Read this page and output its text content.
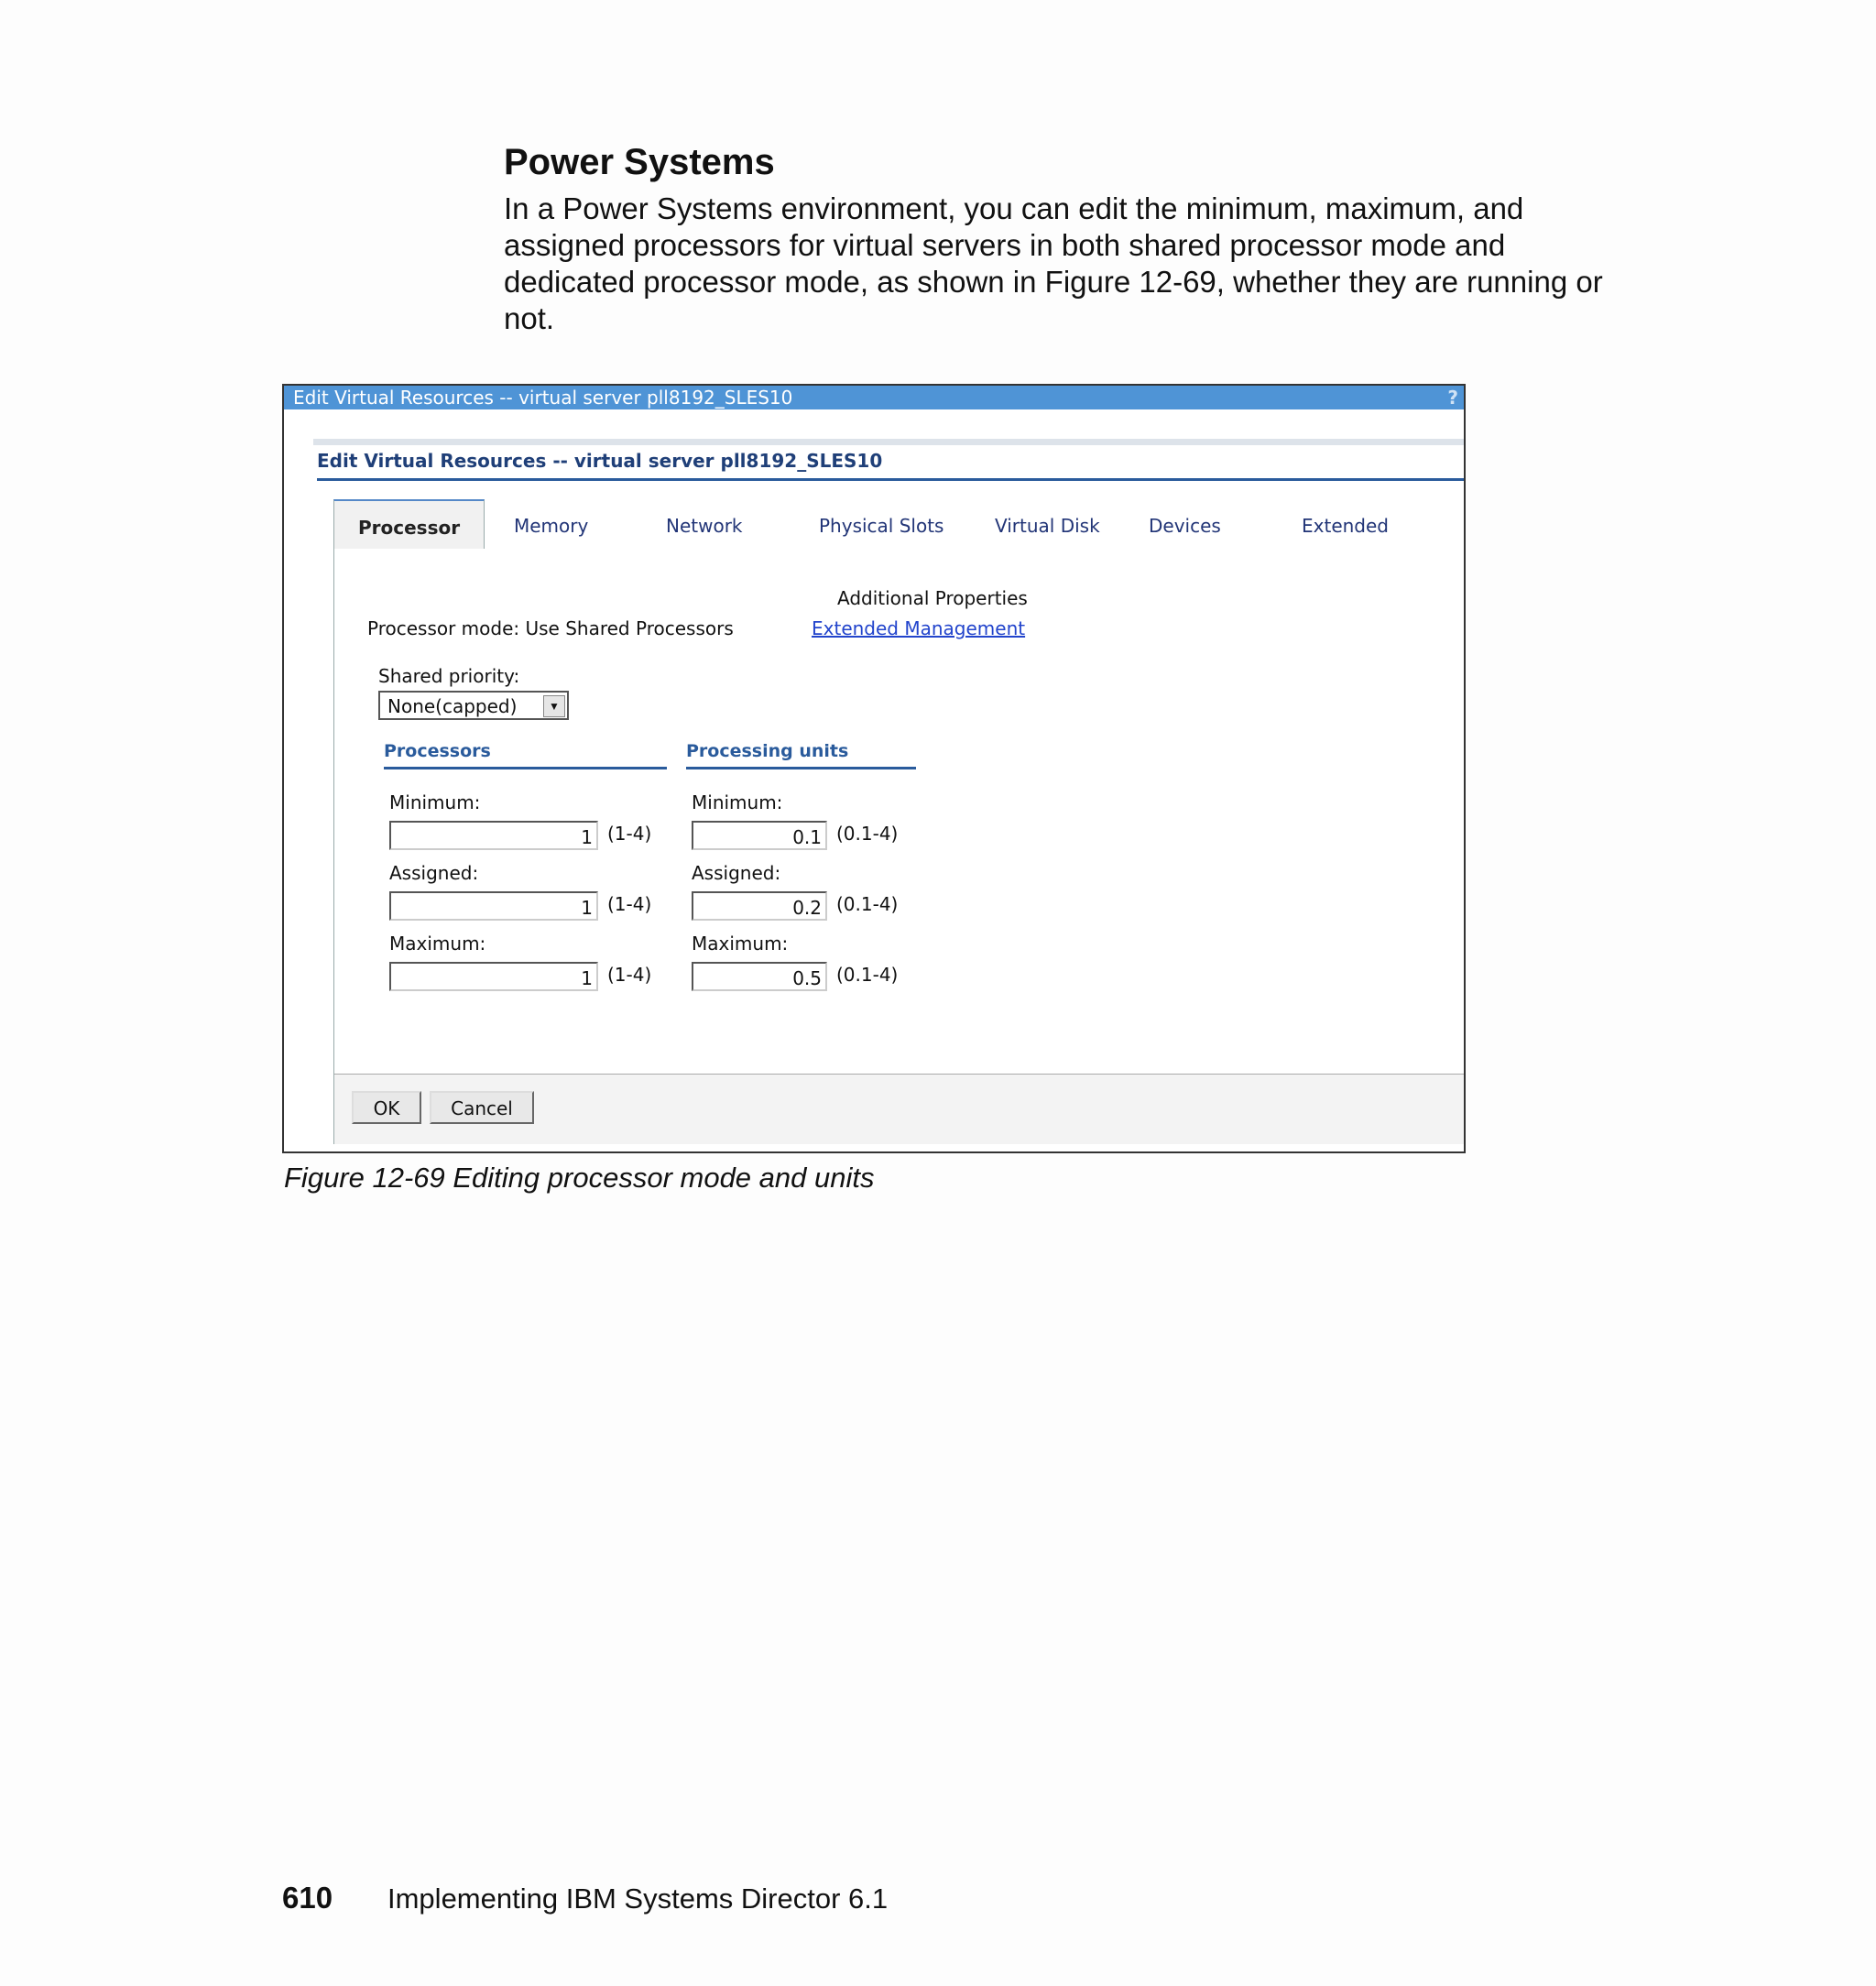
Power Systems

In a Power Systems environment, you can edit the minimum, maximum, and assigned processors for virtual servers in both shared processor mode and dedicated processor mode, as shown in Figure 12-69, whether they are running or not.

Edit Virtual Resources -- virtual server pll8192_SLES10	?
Edit Virtual Resources -- virtual server pll8192_SLES10
Processor	Memory	Network	Physical Slots	Virtual Disk	Devices	Extended
Additional Properties
Processor mode: Use Shared Processors	Extended Management
Shared priority:
None(capped)	▼
Processors
Minimum:
1 (1-4)
Assigned:
1 (1-4)
Maximum:
1 (1-4)
Processing units
Minimum:
0.1 (0.1-4)
Assigned:
0.2 (0.1-4)
Maximum:
0.5 (0.1-4)
OK	Cancel
Figure 12-69 Editing processor mode and units
610 Implementing IBM Systems Director 6.1
